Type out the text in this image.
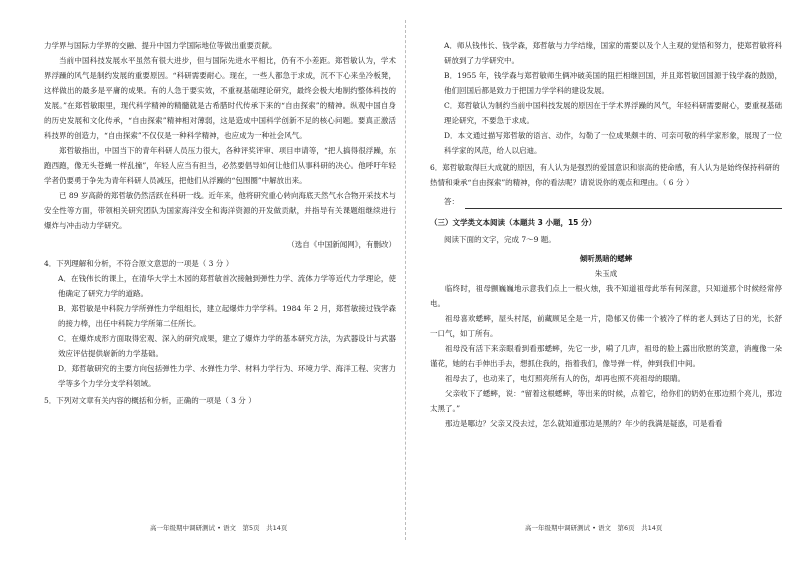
力学界与国际力学界的交融、提升中国力学国际地位等做出重要贡献。

当前中国科技发展水平虽然有很大进步，但与国际先进水平相比，仍有不小差距。郑哲敏认为，学术界浮躁的风气是制约发展的重要原因。“科研需要耐心。现在，一些人都急于求成，沉不下心来坐冷板凳，这样做出的最多是平庸的成果。有的人急于要实效，不重视基础理论研究，最终会极大地制约整体科技的发展。”在郑哲敏眼里，现代科学精神的精髓就是古希腊时代传承下来的“自由探索”的精神。纵观中国自身的历史发展和文化传承，“自由探索”精神相对薄弱，这是造成中国科学创新不足的核心问题。要真正激活科技界的创造力，“自由探索”不仅仅是一种科学精神，也应成为一种社会风气。

郑哲敏指出，中国当下的青年科研人员压力很大，各种评奖评审、项目申请等，“把人搞得很浮躁，东跑西跑，像无头苍蝇一样乱撞”，年轻人应当有担当，必然要倡导如何让他们从事科研的决心。他呼吁年轻学者仍要勇于争先为青年科研人员减压，把他们从浮躁的“包围圈”中解放出来。

已 89 岁高龄的郑哲敏仍然活跃在科研一线。近年来，他将研究重心转向海底天然气水合物开采技术与安全性等方面，带领相关研究团队为国家海洋安全和海洋资源的开发做贡献，并指导有关课题组继续进行爆炸与冲击动力学研究。

（选自《中国新闻网》，有删改）
4．下列理解和分析，不符合原文意思的一项是（ 3 分 ）
A．在钱伟长的课上，在清华大学土木园的郑哲敏首次接触到弹性力学、流体力学等近代力学理论，使他确定了研究力学的道路。
B．郑哲敏是中科院力学所弹性力学组组长，建立起爆炸力学学科。1984 年 2 月，郑哲敏接过钱学森的接力棒，出任中科院力学所第二任所长。
C．在爆炸成形方面取得宏观、深入的研究成果，建立了爆炸力学的基本研究方法，为武器设计与武器效应评估提供崭新的力学基础。
D．郑哲敏研究的主要方向包括弹性力学、水弹性力学、材料力学行为、环境力学、海洋工程、灾害力学等多个力学分支学科领域。
5．下列对文章有关内容的概括和分析，正确的一项是（ 3 分 ）
A．师从钱伟长、钱学森，郑哲敏与力学结缘，国家的需要以及个人主观的觉悟和努力，使郑哲敏将科研放到了力学研究中。
B．1955 年，钱学森与郑哲敏师生俩冲破美国的阻拦相继回国，并且郑哲敏回国源于钱学森的鼓励，他们回国后都是致力于把国力学学科的建设发展。
C．郑哲敏认为制约当前中国科技发展的原因在于学术界浮躁的风气，年轻科研需要耐心，要重视基础理论研究，不要急于求成。
D．本文通过描写郑哲敏的语言、动作，勾勒了一位成果颇丰的、可亲可敬的科学家形象，展现了一位科学家的风范，给人以启迪。
6．郑哲敏取得巨大成就的原因，有人认为是强烈的爱国意识和崇高的使命感，有人认为是始终保持科研的热情和秉承“自由探索”的精神，你的看法呢？请说说你的观点和理由。（ 6 分 ）
答：
（三）文学类文本阅读（本题共 3 小题，15 分）
阅读下面的文字，完成 7～9 题。
倾听黑暗的蟋蟀
朱玉成

临终时，祖母颤巍巍地示意我们点上一根火烛，我不知道祖母此举有何深意，只知道那个时候经常停电。

祖母喜欢蟋蟀，屋头村尾，前藏顾足全是一片，隐郁又仿佛一个被冷了样的老人到达了日的光，长舒一口气，如丁所有。

祖母没有活下来亲眼看到看那蟋蟀，先它一步，嗬了几声，祖母的脸上露出欣慰的笑意，消瘦像一朵谨花，她的右手伸出手去，想抓住我的，指着我们，像导弹一样，伸到我们中间。

祖母去了，也动来了，电灯照亮所有人的伤，却再也照不亮祖母的眼睛。

父亲收下了蟋蟀，说：“留着这根蟋蟀，等出来的时候，点着它，给你们的奶奶在那边照个亮儿，那边太黑了。”

那边是哪边？父亲又没去过，怎么就知道那边是黑的？年少的我满是疑惑，可是看看

高一年级期中调研测试 • 语文　第5页　共14页	高一年级期中调研测试 • 语文　第6页　共14页
